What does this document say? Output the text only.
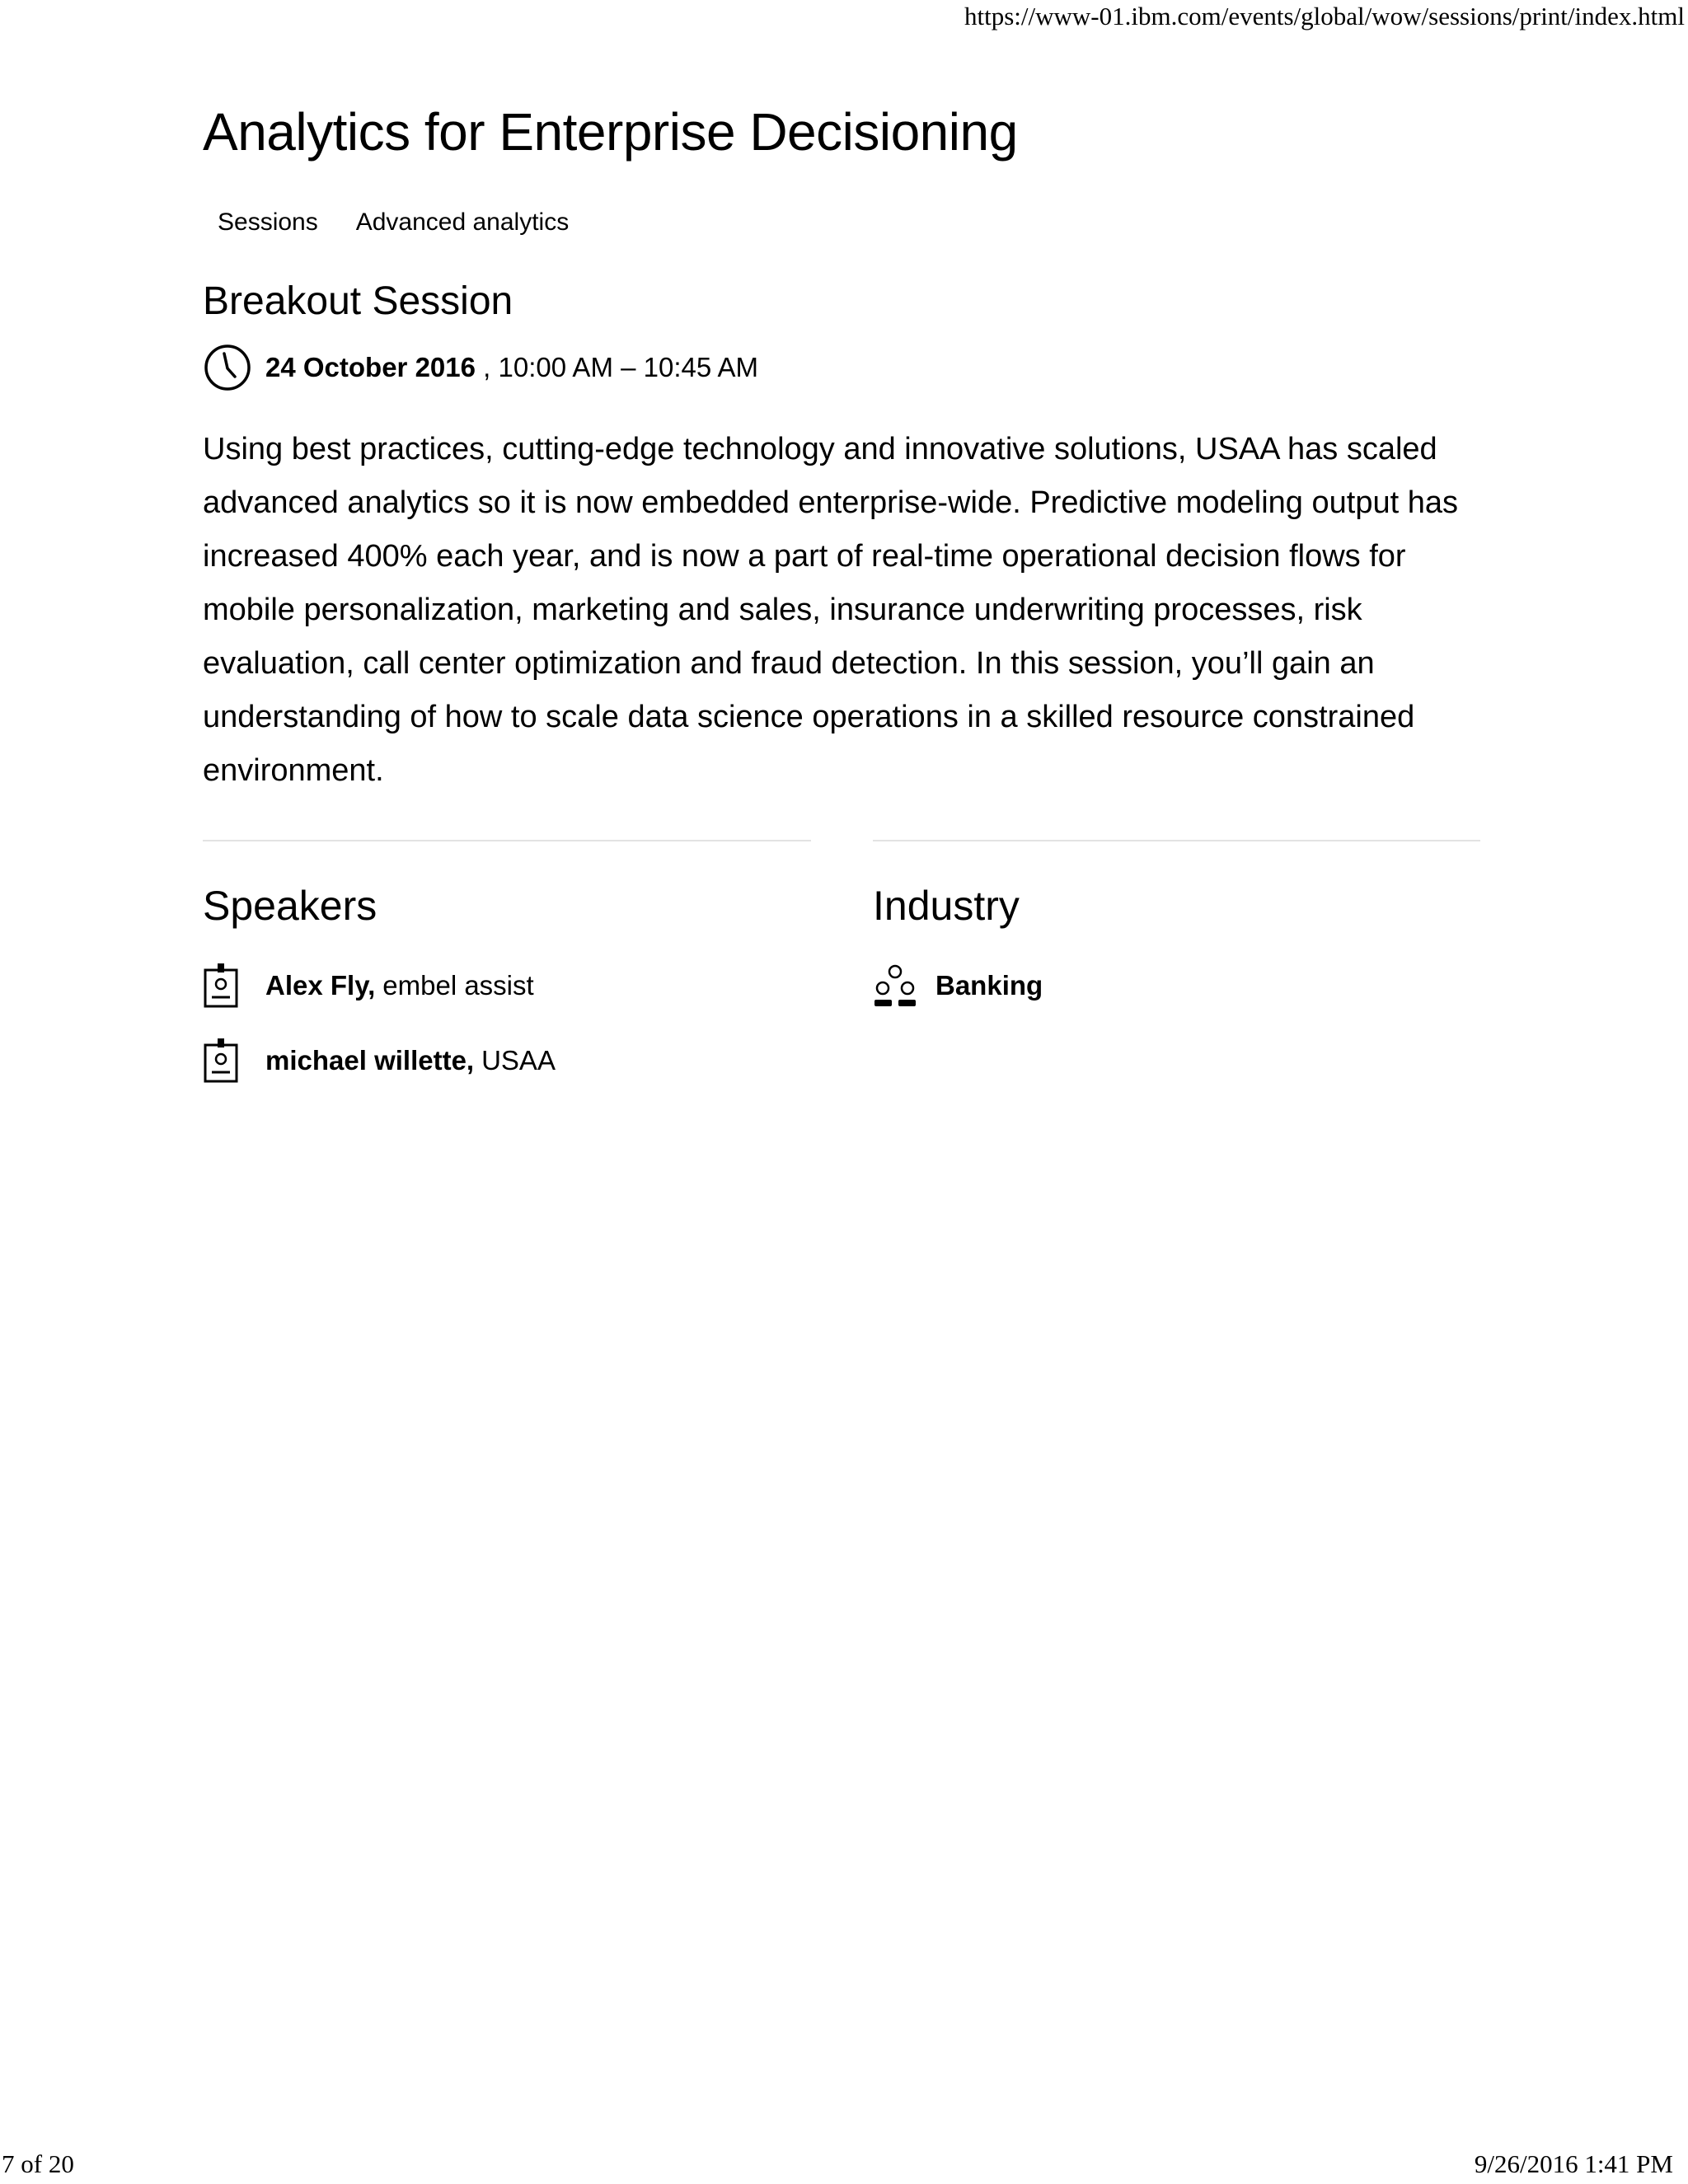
https://www-01.ibm.com/events/global/wow/sessions/print/index.html
Analytics for Enterprise Decisioning
Sessions Advanced analytics
Breakout Session
24 October 2016 , 10:00 AM – 10:45 AM

Using best practices, cutting-edge technology and innovative solutions, USAA has scaled advanced analytics so it is now embedded enterprise-wide. Predictive modeling output has increased 400% each year, and is now a part of real-time operational decision flows for mobile personalization, marketing and sales, insurance underwriting processes, risk evaluation, call center optimization and fraud detection. In this session, you’ll gain an understanding of how to scale data science operations in a skilled resource constrained environment.

Speakers	Industry
Alex Fly, embel assist
michael willette, USAA
Banking
7 of 20	9/26/2016 1:41 PM
